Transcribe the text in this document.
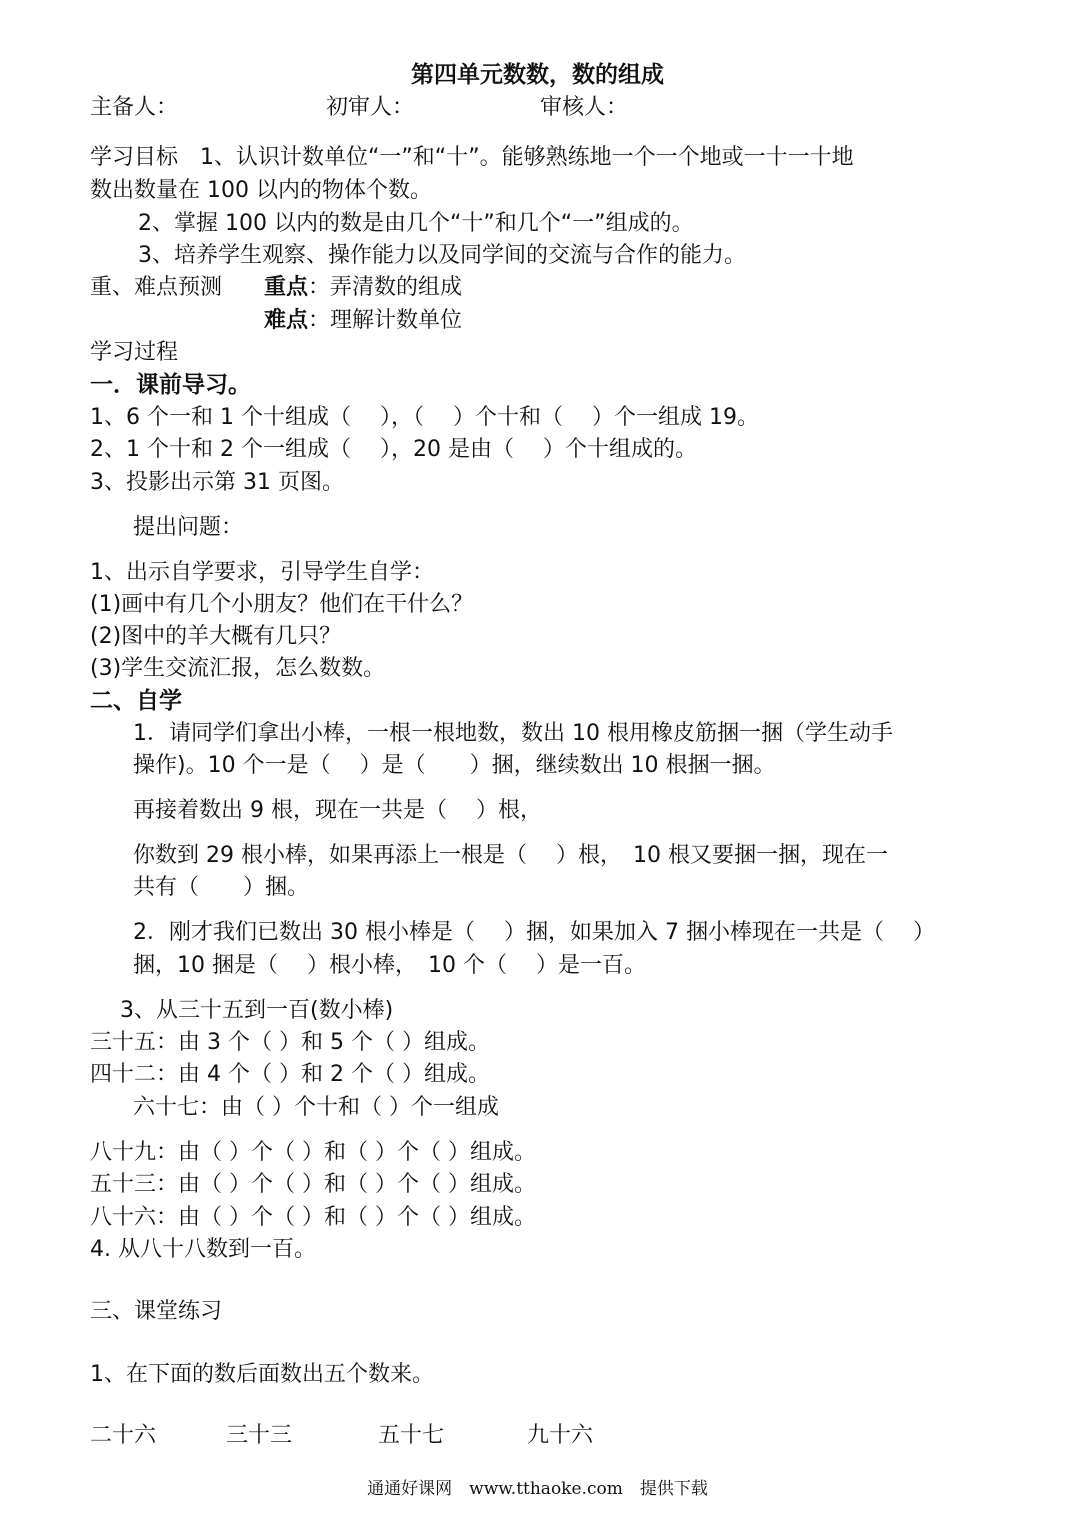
第四单元数数，数的组成
主备人：	初审人：	审核人：
学习目标　1、认识计数单位“一”和“十”。能够熟练地一个一个地或一十一十地
数出数量在 100 以内的物体个数。
2、掌握 100 以内的数是由几个“十”和几个“一”组成的。
3、培养学生观察、操作能力以及同学间的交流与合作的能力。
重、难点预测 重点：弄清数的组成
难点：理解计数单位
学习过程
一．课前导习。
1、6 个一和 1 个十组成（　 ），（　 ）个十和（　 ）个一组成 19。
2、1 个十和 2 个一组成（　 ），20 是由（　 ）个十组成的。
3、投影出示第 31 页图。
提出问题：
1、出示自学要求，引导学生自学：
(1)画中有几个小朋友？他们在干什么？
(2)图中的羊大概有几只？
(3)学生交流汇报，怎么数数。
二、自学
1．请同学们拿出小棒，一根一根地数，数出 10 根用橡皮筋捆一捆（学生动手
操作)。10 个一是（　 ）是（　　）捆，继续数出 10 根捆一捆。
再接着数出 9 根，现在一共是（　 ）根，
你数到 29 根小棒，如果再添上一根是（　 ）根，　10 根又要捆一捆，现在一
共有（　　）捆。
2．刚才我们已数出 30 根小棒是（　 ）捆，如果加入 7 捆小棒现在一共是（　 ）
捆，10 捆是（　 ）根小棒，　10 个（　 ）是一百。
3、从三十五到一百(数小棒)
三十五：由 3 个（ ）和 5 个（ ）组成。
四十二：由 4 个（ ）和 2 个（ ）组成。
六十七：由（ ）个十和（ ）个一组成
八十九：由（ ）个（ ）和（ ）个（ ）组成。
五十三：由（ ）个（ ）和（ ）个（ ）组成。
八十六：由（ ）个（ ）和（ ）个（ ）组成。
4. 从八十八数到一百。
三、课堂练习
1、在下面的数后面数出五个数来。
二十六	三十三	五十七	九十六
通通好课网　www.tthaoke.com　提供下载
